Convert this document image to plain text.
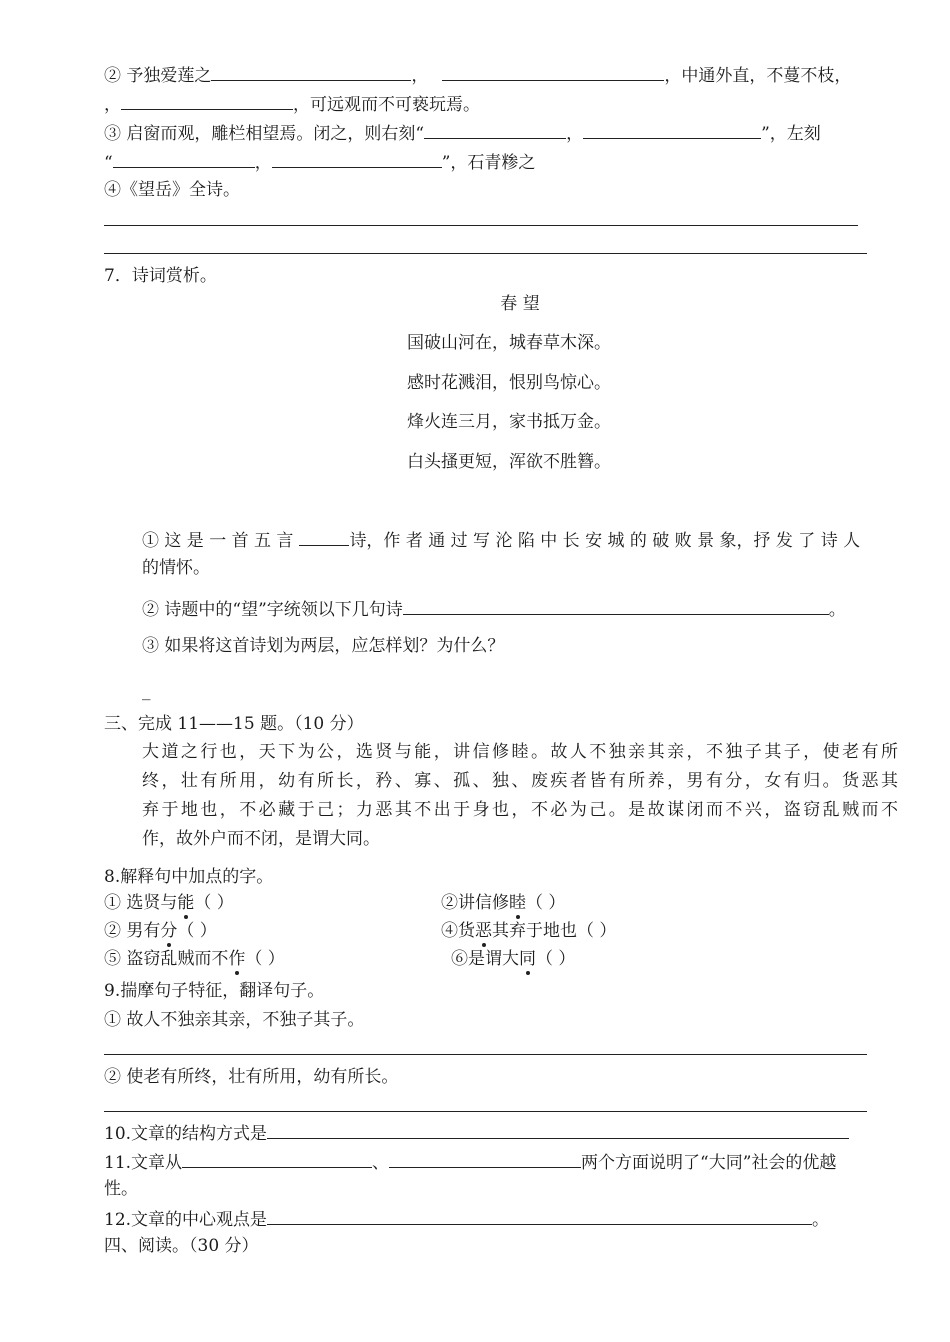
② 予独爱莲之	，	，中通外直，不蔓不枝，
，	，可远观而不可亵玩焉。
③ 启窗而观，雕栏相望焉。闭之，则右刻“	，	”，左刻
“	，	”，石青糁之
④《望岳》全诗。
7．诗词赏析。
春 望
国破山河在，城春草木深。
感时花溅泪，恨别鸟惊心。
烽火连三月，家书抵万金。
白头搔更短，浑欲不胜簪。
① 这 是 一 首 五 言	诗，作 者 通 过 写 沦 陷 中 长 安 城 的 破 败 景 象，抒 发 了 诗 人
的情怀。
② 诗题中的“望”字统领以下几句诗	。
③ 如果将这首诗划为两层，应怎样划？为什么？
_
三、完成 11——15 题。（10 分）
大道之行也，天下为公，选贤与能，讲信修睦。故人不独亲其亲，不独子其子，使老有所
终，壮有所用，幼有所长，矜、寡、孤、独、废疾者皆有所养，男有分，女有归。货恶其
弃于地也，不必藏于己；力恶其不出于身也，不必为己。是故谋闭而不兴，盗窃乱贼而不
作，故外户而不闭，是谓大同。
8.解释句中加点的字。
① 选贤与能（ ）	②讲信修睦（ ）
② 男有分（ ）	④货恶其弃于地也（ ）
⑤ 盗窃乱贼而不作（ ）	⑥是谓大同（ ）
9.揣摩句子特征，翻译句子。
① 故人不独亲其亲，不独子其子。
② 使老有所终，壮有所用，幼有所长。
10.文章的结构方式是
11.文章从	、	两个方面说明了“大同”社会的优越
性。
12.文章的中心观点是	。
四、阅读。（30 分）
